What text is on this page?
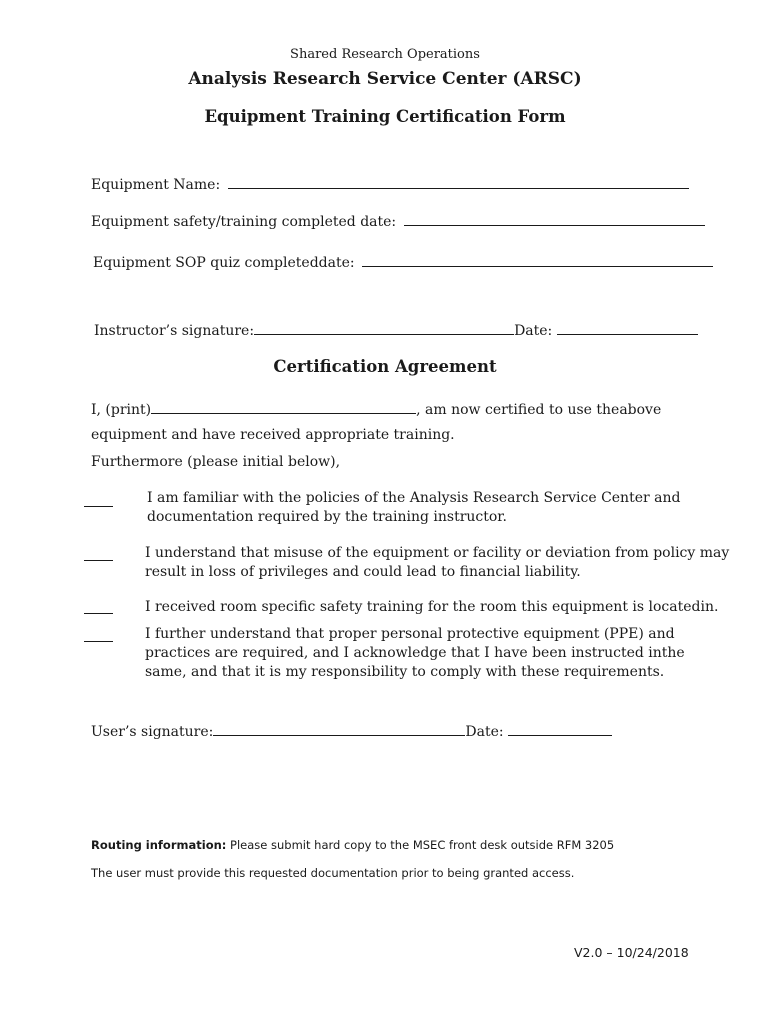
Shared Research Operations
Analysis Research Service Center (ARSC)
Equipment Training Certification Form
Equipment Name:
Equipment safety/training completed date:
Equipment SOP quiz completeddate:
Instructor’s signature:	Date:
Certification Agreement
I, (print)	, am now certified to use theabove
equipment and have received appropriate training.
Furthermore (please initial below),
I am familiar with the policies of the Analysis Research Service Center and
documentation required by the training instructor.
I understand that misuse of the equipment or facility or deviation from policy may
result in loss of privileges and could lead to financial liability.
I received room specific safety training for the room this equipment is locatedin.
I further understand that proper personal protective equipment (PPE) and
practices are required, and I acknowledge that I have been instructed inthe
same, and that it is my responsibility to comply with these requirements.
User’s signature:	Date:
Routing information: Please submit hard copy to the MSEC front desk outside RFM 3205
The user must provide this requested documentation prior to being granted access.
V2.0 – 10/24/2018
